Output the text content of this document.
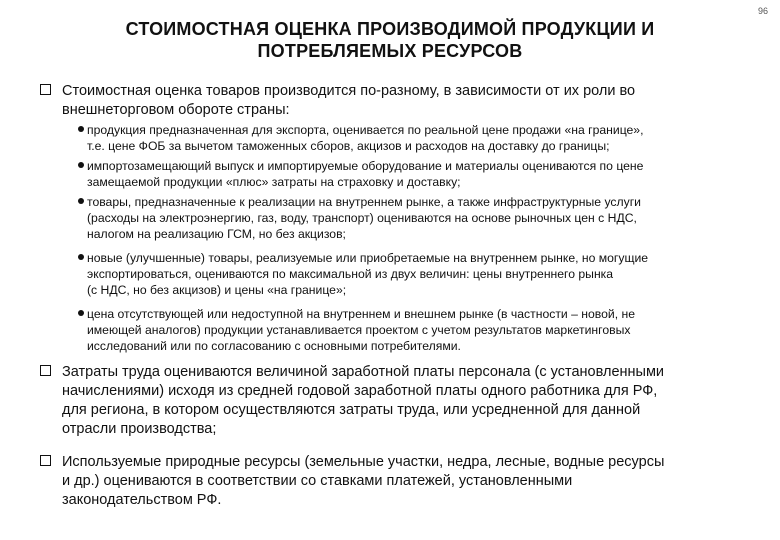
96
СТОИМОСТНАЯ ОЦЕНКА ПРОИЗВОДИМОЙ ПРОДУКЦИИ И
ПОТРЕБЛЯЕМЫХ РЕСУРСОВ
Стоимостная оценка товаров производится по-разному, в зависимости от их роли во
внешнеторговом обороте страны:
продукция предназначенная для экспорта, оценивается по реальной цене продажи «на границе»,
т.е. цене ФОБ за вычетом таможенных сборов, акцизов и расходов на доставку до границы;
импортозамещающий выпуск и импортируемые оборудование и материалы оцениваются по цене
замещаемой продукции «плюс» затраты на страховку и доставку;
товары, предназначенные к реализации на внутреннем рынке, а также инфраструктурные услуги
(расходы на электроэнергию, газ, воду, транспорт) оцениваются на основе рыночных цен с НДС,
налогом на реализацию ГСМ, но без акцизов;
новые (улучшенные) товары, реализуемые или приобретаемые на внутреннем рынке, но могущие
экспортироваться, оцениваются по максимальной из двух величин: цены внутреннего рынка
(с НДС, но без акцизов) и цены «на границе»;
цена отсутствующей или недоступной на внутреннем и внешнем рынке (в частности – новой, не
имеющей аналогов) продукции устанавливается проектом с учетом результатов маркетинговых
исследований или по согласованию с основными потребителями.
Затраты труда оцениваются величиной заработной платы персонала (с установленными
начислениями) исходя из средней годовой заработной платы одного работника для РФ,
для региона, в котором осуществляются затраты труда, или усредненной для данной
отрасли производства;
Используемые природные ресурсы (земельные участки, недра, лесные, водные ресурсы
и др.) оцениваются в соответствии со ставками платежей, установленными
законодательством РФ.
